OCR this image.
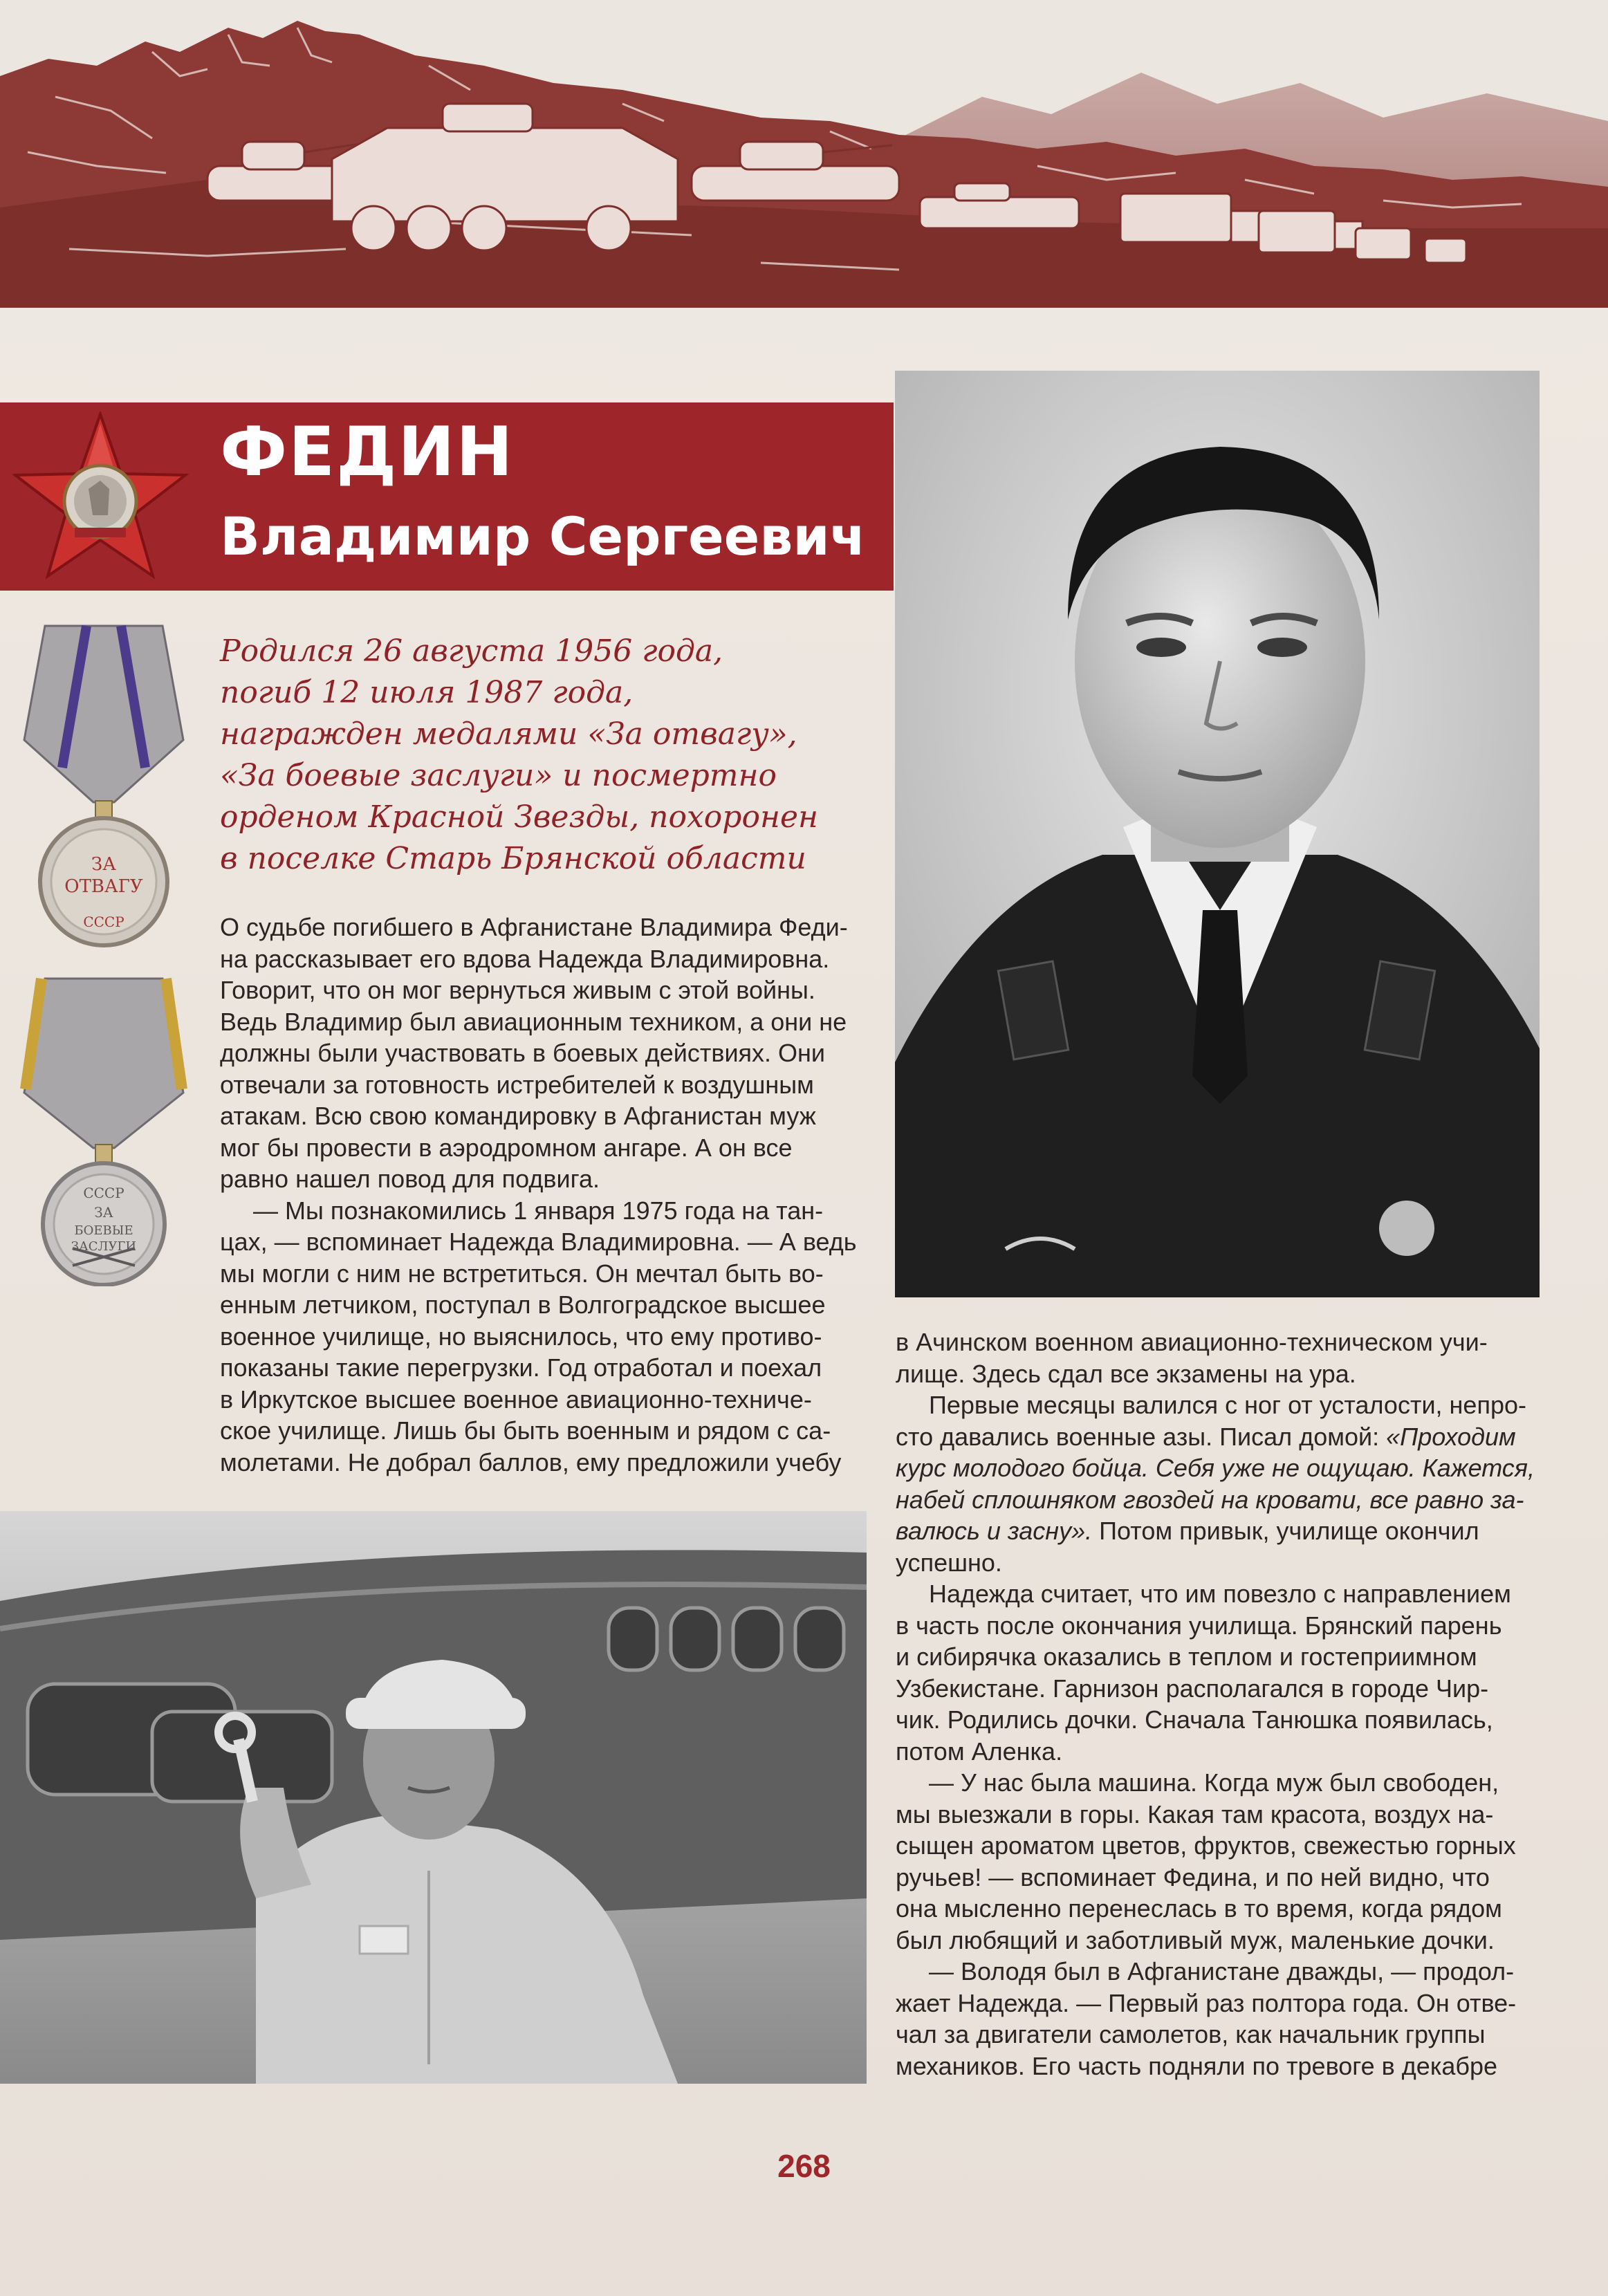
ФЕДИН
Владимир Сергеевич
ЗА
ОТВАГУ
СССР
СССР
ЗА
БОЕВЫЕ
ЗАСЛУГИ
Родился 26 августа 1956 года,
погиб 12 июля 1987 года,
награжден медалями «За отвагу»,
«За боевые заслуги» и посмертно
орденом Красной Звезды, похоронен
в поселке Старь Брянской области
О судьбе погибшего в Афганистане Владимира Феди-
на рассказывает его вдова Надежда Владимировна.
Говорит, что он мог вернуться живым с этой войны.
Ведь Владимир был авиационным техником, а они не
должны были участвовать в боевых действиях. Они
отвечали за готовность истребителей к воздушным
атакам. Всю свою командировку в Афганистан муж
мог бы провести в аэродромном ангаре. А он все
равно нашел повод для подвига.
— Мы познакомились 1 января 1975 года на тан-
цах, — вспоминает Надежда Владимировна. — А ведь
мы могли с ним не встретиться. Он мечтал быть во-
енным летчиком, поступал в Волгоградское высшее
военное училище, но выяснилось, что ему противо-
показаны такие перегрузки. Год отработал и поехал
в Иркутское высшее военное авиационно-техниче-
ское училище. Лишь бы быть военным и рядом с са-
молетами. Не добрал баллов, ему предложили учебу
в Ачинском военном авиационно-техническом учи-
лище. Здесь сдал все экзамены на ура.
Первые месяцы валился с ног от усталости, непро-
сто давались военные азы. Писал домой: «Проходим
курс молодого бойца. Себя уже не ощущаю. Кажется,
набей сплошняком гвоздей на кровати, все равно за-
валюсь и засну». Потом привык, училище окончил
успешно.
Надежда считает, что им повезло с направлением
в часть после окончания училища. Брянский парень
и сибирячка оказались в теплом и гостеприимном
Узбекистане. Гарнизон располагался в городе Чир-
чик. Родились дочки. Сначала Танюшка появилась,
потом Аленка.
— У нас была машина. Когда муж был свободен,
мы выезжали в горы. Какая там красота, воздух на-
сыщен ароматом цветов, фруктов, свежестью горных
ручьев! — вспоминает Федина, и по ней видно, что
она мысленно перенеслась в то время, когда рядом
был любящий и заботливый муж, маленькие дочки.
— Володя был в Афганистане дважды, — продол-
жает Надежда. — Первый раз полтора года. Он отве-
чал за двигатели самолетов, как начальник группы
механиков. Его часть подняли по тревоге в декабре
268
